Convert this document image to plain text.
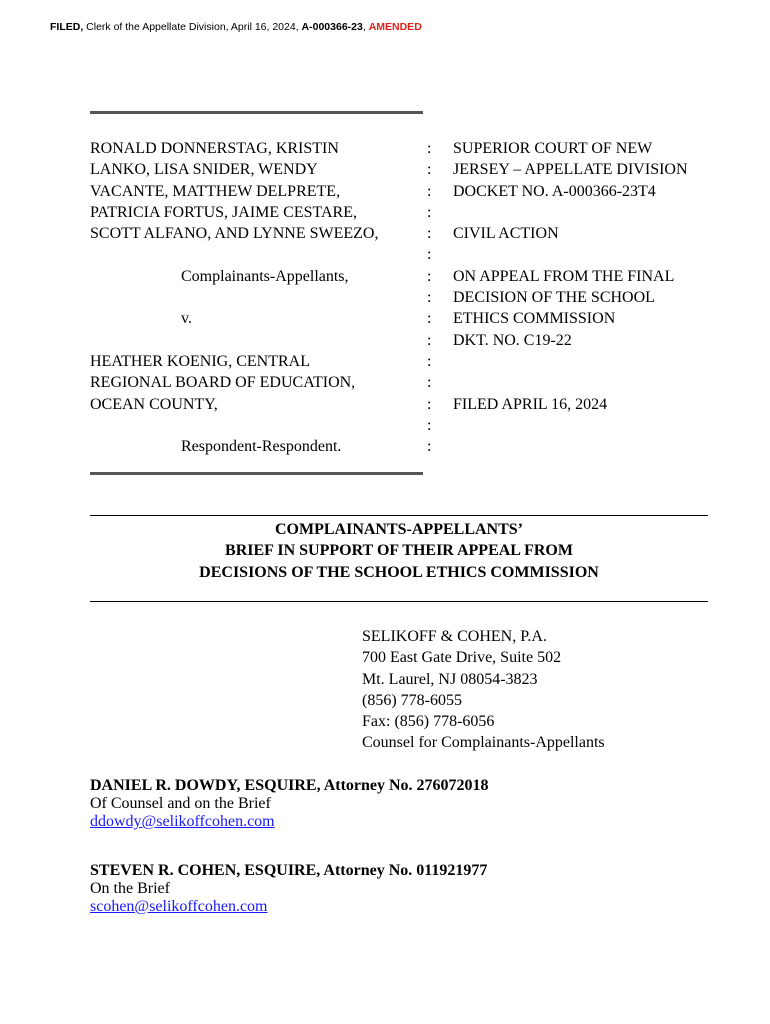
FILED, Clerk of the Appellate Division, April 16, 2024, A-000366-23, AMENDED
RONALD DONNERSTAG, KRISTIN
LANKO, LISA SNIDER, WENDY
VACANTE, MATTHEW DELPRETE,
PATRICIA FORTUS, JAIME CESTARE,
SCOTT ALFANO, AND LYNNE SWEEZO,
Complainants-Appellants,
v.
HEATHER KOENIG, CENTRAL
REGIONAL BOARD OF EDUCATION,
OCEAN COUNTY,
Respondent-Respondent.
:
:
:
:
:
:
:
:
:
:
:
:
:
:
:
SUPERIOR COURT OF NEW
JERSEY – APPELLATE DIVISION
DOCKET NO. A-000366-23T4
CIVIL ACTION
ON APPEAL FROM THE FINAL
DECISION OF THE SCHOOL
ETHICS COMMISSION
DKT. NO. C19-22
FILED APRIL 16, 2024
COMPLAINANTS-APPELLANTS’
BRIEF IN SUPPORT OF THEIR APPEAL FROM
DECISIONS OF THE SCHOOL ETHICS COMMISSION
SELIKOFF & COHEN, P.A.
700 East Gate Drive, Suite 502
Mt. Laurel, NJ 08054-3823
(856) 778-6055
Fax: (856) 778-6056
Counsel for Complainants-Appellants
DANIEL R. DOWDY, ESQUIRE, Attorney No. 276072018
Of Counsel and on the Brief
ddowdy@selikoffcohen.com
STEVEN R. COHEN, ESQUIRE, Attorney No. 011921977
On the Brief
scohen@selikoffcohen.com
